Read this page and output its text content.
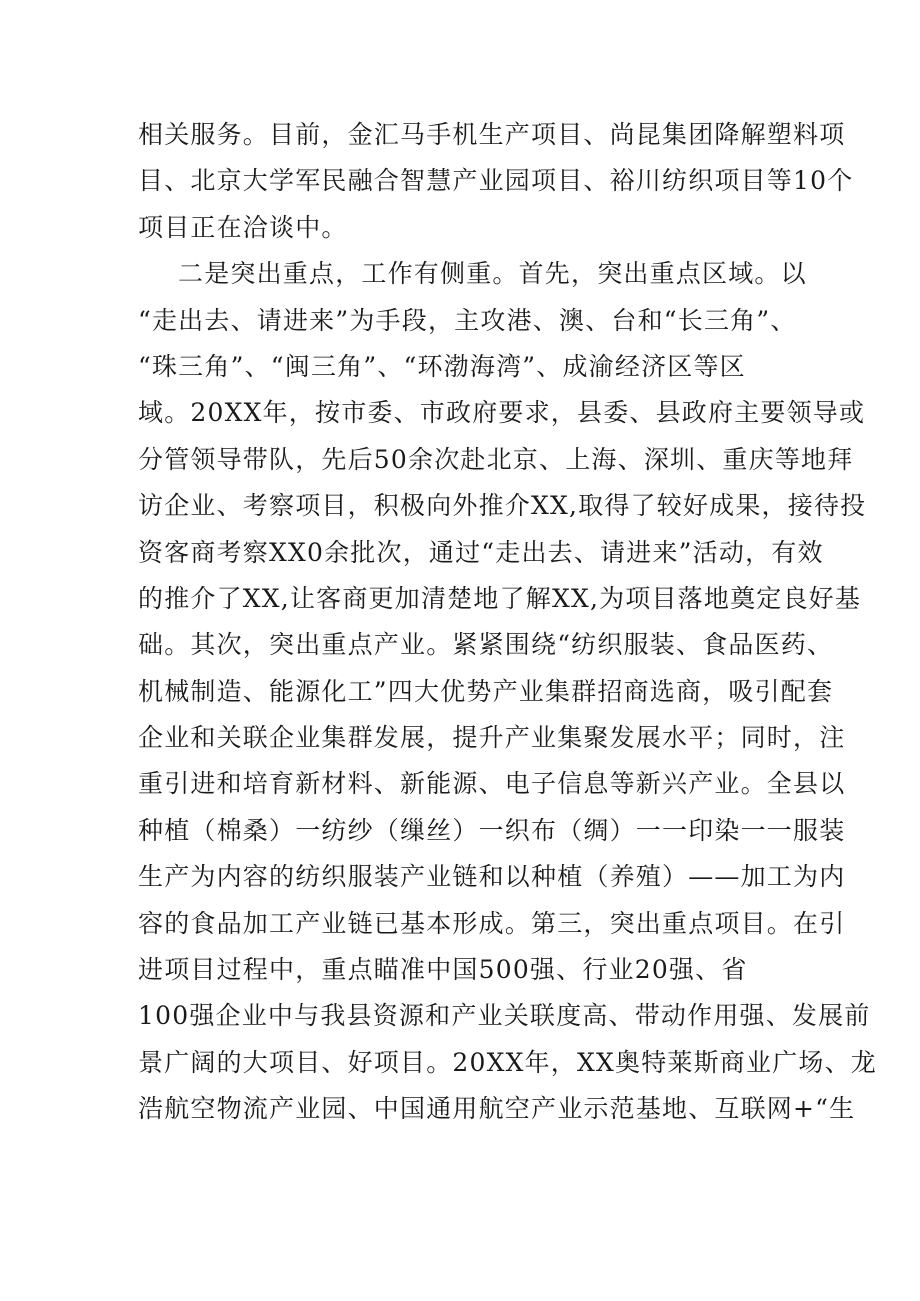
相关服务。目前，金汇马手机生产项目、尚昆集团降解塑料项
目、北京大学军民融合智慧产业园项目、裕川纺织项目等10个
项目正在洽谈中。
二是突出重点，工作有侧重。首先，突出重点区域。以
“走出去、请进来”为手段，主攻港、澳、台和“长三角”、
“珠三角”、“闽三角”、“环渤海湾”、成渝经济区等区
域。20XX年，按市委、市政府要求，县委、县政府主要领导或
分管领导带队，先后50余次赴北京、上海、深圳、重庆等地拜
访企业、考察项目，积极向外推介XX,取得了较好成果，接待投
资客商考察XX0余批次，通过“走出去、请进来”活动，有效
的推介了XX,让客商更加清楚地了解XX,为项目落地奠定良好基
础。其次，突出重点产业。紧紧围绕“纺织服装、食品医药、
机械制造、能源化工”四大优势产业集群招商选商，吸引配套
企业和关联企业集群发展，提升产业集聚发展水平；同时，注
重引进和培育新材料、新能源、电子信息等新兴产业。全县以
种植（棉桑）一纺纱（缫丝）一织布（绸）一一印染一一服装
生产为内容的纺织服装产业链和以种植（养殖）——加工为内
容的食品加工产业链已基本形成。第三，突出重点项目。在引
进项目过程中，重点瞄准中国500强、行业20强、省
100强企业中与我县资源和产业关联度高、带动作用强、发展前
景广阔的大项目、好项目。20XX年，XX奥特莱斯商业广场、龙
浩航空物流产业园、中国通用航空产业示范基地、互联网+“生
